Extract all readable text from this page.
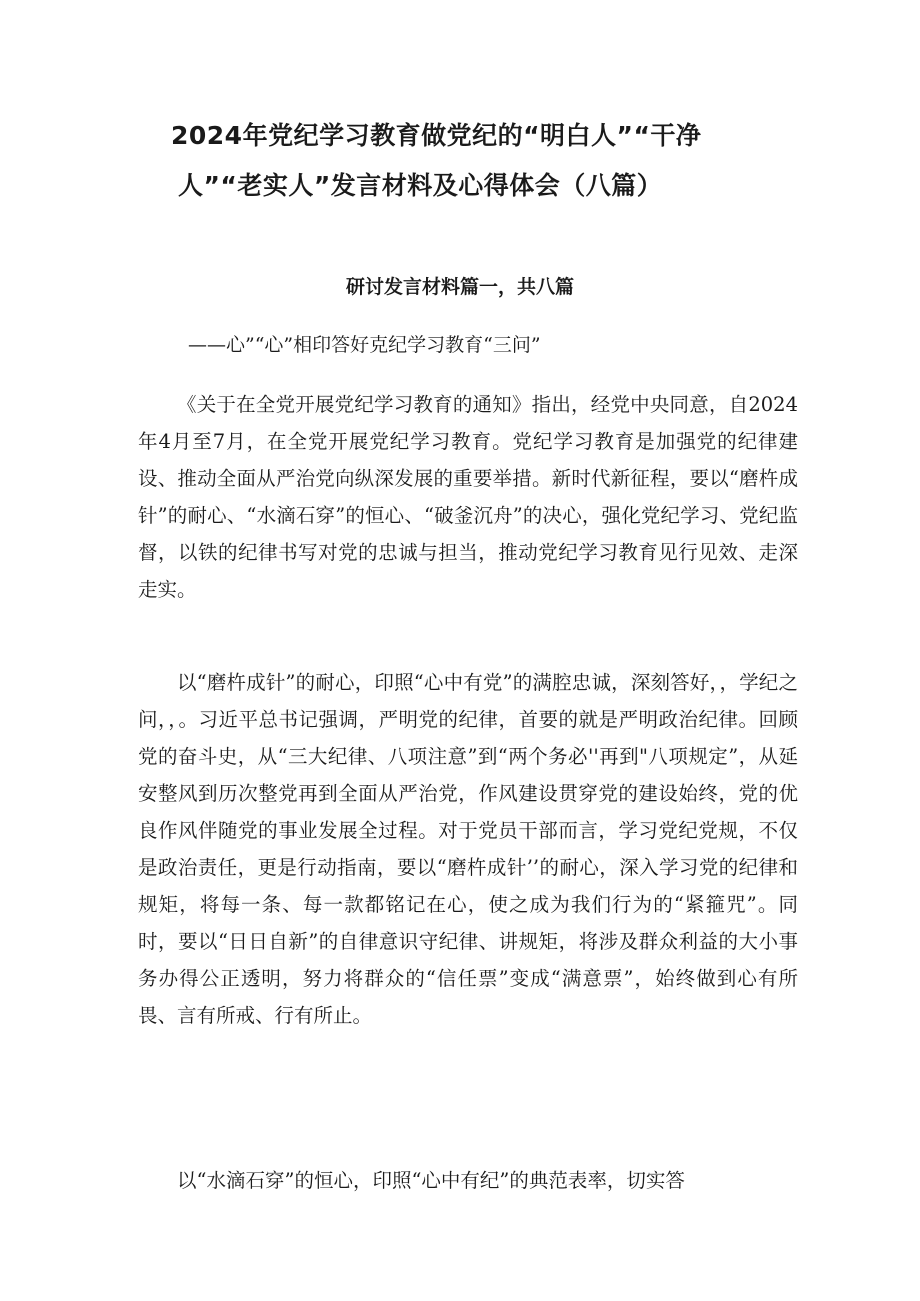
2024年党纪学习教育做党纪的“明白人”“干净
人”“老实人”发言材料及心得体会（八篇）
研讨发言材料篇一，共八篇
——心”“心”相印答好克纪学习教育“三问”
《关于在全党开展党纪学习教育的通知》指出，经党中央同意，自2024年4月至7月，在全党开展党纪学习教育。党纪学习教育是加强党的纪律建设、推动全面从严治党向纵深发展的重要举措。新时代新征程，要以“磨杵成针”的耐心、“水滴石穿”的恒心、“破釜沉舟”的决心，强化党纪学习、党纪监督，以铁的纪律书写对党的忠诚与担当，推动党纪学习教育见行见效、走深走实。
以“磨杵成针”的耐心，印照“心中有党”的满腔忠诚，深刻答好，，学纪之问，，。习近平总书记强调，严明党的纪律，首要的就是严明政治纪律。回顾党的奋斗史，从“三大纪律、八项注意”到“两个务必''再到"八项规定”，从延安整风到历次整党再到全面从严治党，作风建设贯穿党的建设始终，党的优良作风伴随党的事业发展全过程。对于党员干部而言，学习党纪党规，不仅是政治责任，更是行动指南，要以“磨杵成针’’的耐心，深入学习党的纪律和规矩，将每一条、每一款都铭记在心，使之成为我们行为的“紧箍咒”。同时，要以“日日自新”的自律意识守纪律、讲规矩，将涉及群众利益的大小事务办得公正透明，努力将群众的“信任票”变成“满意票”，始终做到心有所畏、言有所戒、行有所止。
以“水滴石穿”的恒心，印照“心中有纪”的典范表率，切实答
